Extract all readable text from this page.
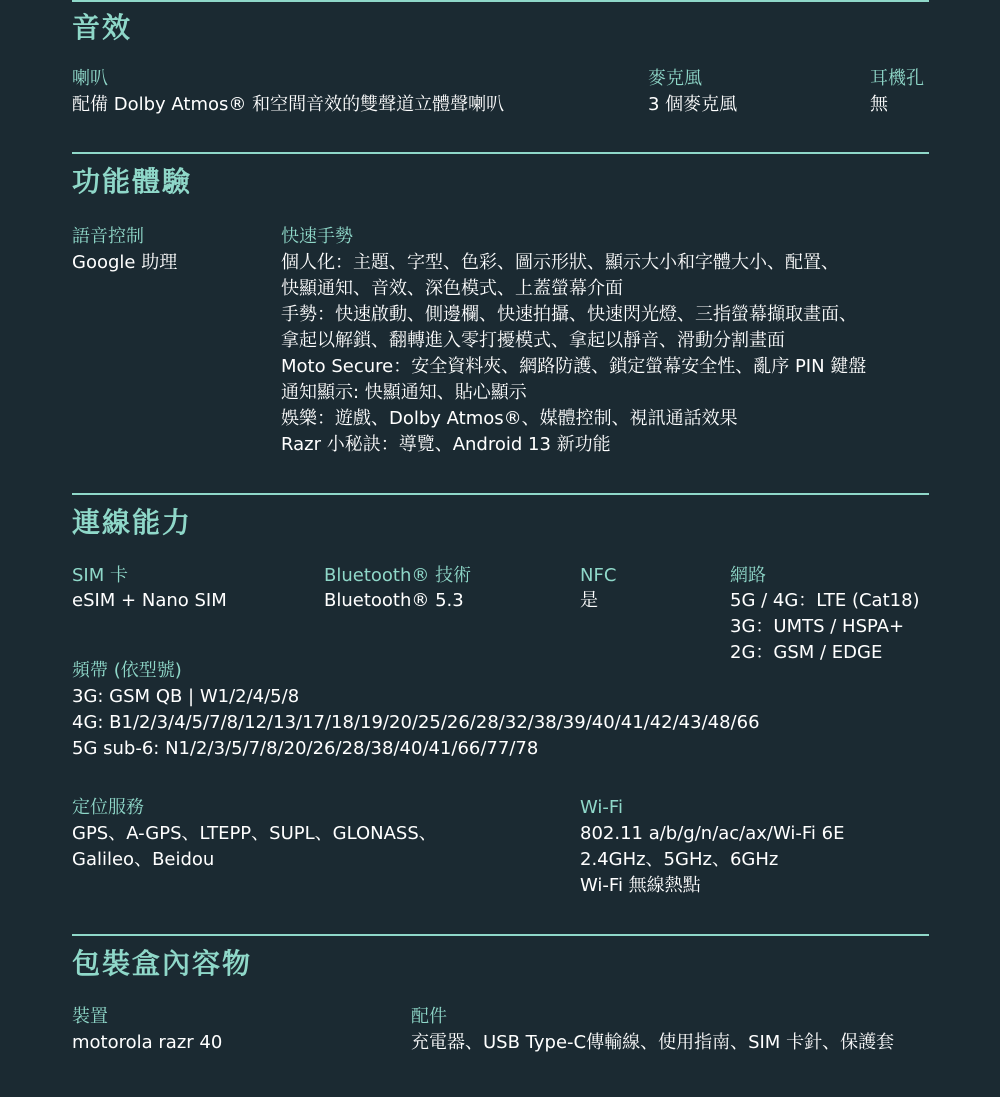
音效
喇叭
配備 Dolby Atmos® 和空間音效的雙聲道立體聲喇叭
麥克風
3 個麥克風
耳機孔
無
功能體驗
語音控制
Google 助理
快速手勢
個人化：主題、字型、色彩、圖示形狀、顯示大小和字體大小、配置、
快顯通知、音效、深色模式、上蓋螢幕介面
手勢：快速啟動、側邊欄、快速拍攝、快速閃光燈、三指螢幕擷取畫面、
拿起以解鎖、翻轉進入零打擾模式、拿起以靜音、滑動分割畫面
Moto Secure：安全資料夾、網路防護、鎖定螢幕安全性、亂序 PIN 鍵盤
通知顯示: 快顯通知、貼心顯示
娛樂：遊戲、Dolby Atmos®、媒體控制、視訊通話效果
Razr 小秘訣：導覽、Android 13 新功能
連線能力
SIM 卡
eSIM + Nano SIM
Bluetooth® 技術
Bluetooth® 5.3
NFC
是
網路
5G / 4G：LTE (Cat18)
3G：UMTS / HSPA+
2G：GSM / EDGE
頻帶 (依型號)
3G: GSM QB | W1/2/4/5/8
4G: B1/2/3/4/5/7/8/12/13/17/18/19/20/25/26/28/32/38/39/40/41/42/43/48/66
5G sub-6: N1/2/3/5/7/8/20/26/28/38/40/41/66/77/78
定位服務
GPS、A-GPS、LTEPP、SUPL、GLONASS、
Galileo、Beidou
Wi-Fi
802.11 a/b/g/n/ac/ax/Wi-Fi 6E
2.4GHz、5GHz、6GHz
Wi-Fi 無線熱點
包裝盒內容物
裝置
motorola razr 40
配件
充電器、USB Type-C傳輸線、使用指南、SIM 卡針、保護套
